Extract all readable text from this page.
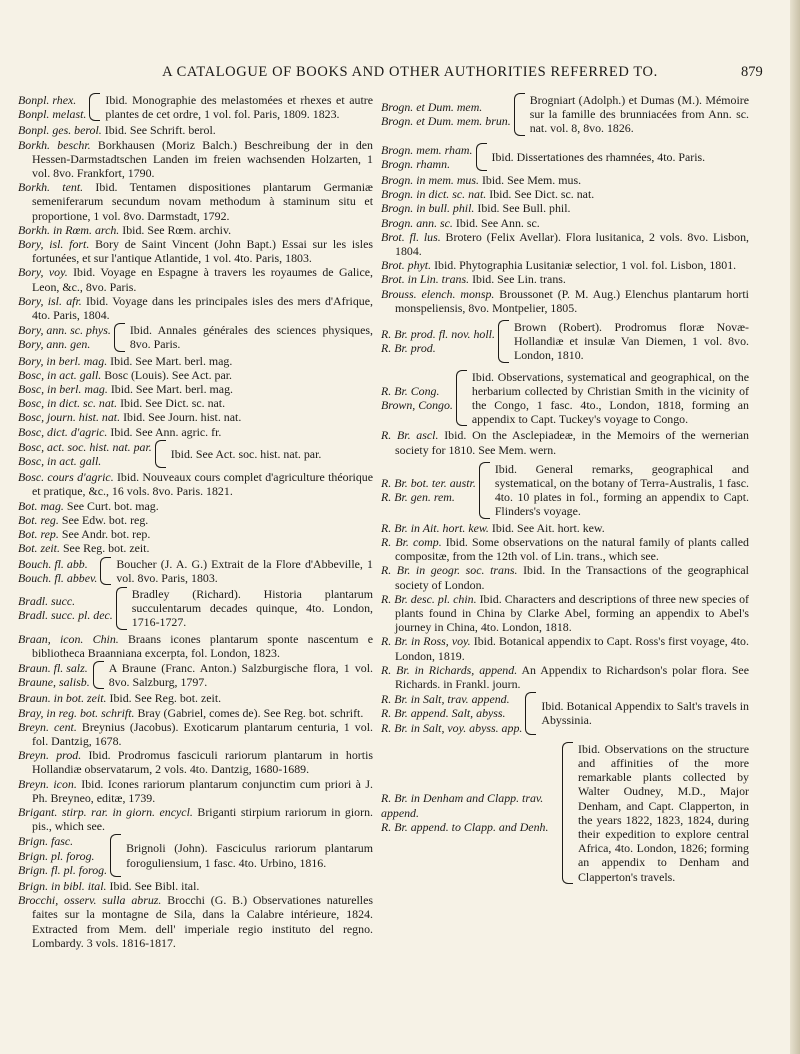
A CATALOGUE OF BOOKS AND OTHER AUTHORITIES REFERRED TO.	879
Bonpl. rhex.
Bonpl. melast.
Ibid. Monographie des melastomées et rhexes et autre plantes de cet ordre, 1 vol. fol. Paris, 1809. 1823.

Bonpl. ges. berol. Ibid. See Schrift. berol.

Borkh. beschr. Borkhausen (Moriz Balch.) Beschreibung der in den Hessen-Darmstadtschen Landen im freien wachsenden Holzarten, 1 vol. 8vo. Frankfort, 1790.

Borkh. tent. Ibid. Tentamen dispositiones plantarum Germaniæ semeniferarum secundum novam methodum à staminum situ et proportione, 1 vol. 8vo. Darmstadt, 1792.

Borkh. in Rœm. arch. Ibid. See Rœm. archiv.

Bory, isl. fort. Bory de Saint Vincent (John Bapt.) Essai sur les isles fortunées, et sur l'antique Atlantide, 1 vol. 4to. Paris, 1803.

Bory, voy. Ibid. Voyage en Espagne à travers les royaumes de Galice, Leon, &c., 8vo. Paris.

Bory, isl. afr. Ibid. Voyage dans les principales isles des mers d'Afrique, 4to. Paris, 1804.

Bory, ann. sc. phys.
Bory, ann. gen.
Ibid. Annales générales des sciences physiques, 8vo. Paris.

Bory, in berl. mag. Ibid. See Mart. berl. mag.

Bosc, in act. gall. Bosc (Louis). See Act. par.

Bosc, in berl. mag. Ibid. See Mart. berl. mag.

Bosc, in dict. sc. nat. Ibid. See Dict. sc. nat.

Bosc, journ. hist. nat. Ibid. See Journ. hist. nat.

Bosc, dict. d'agric. Ibid. See Ann. agric. fr.

Bosc, act. soc. hist. nat. par.
Bosc, in act. gall.
Ibid. See Act. soc. hist. nat. par.

Bosc. cours d'agric. Ibid. Nouveaux cours complet d'agriculture théorique et pratique, &c., 16 vols. 8vo. Paris. 1821.

Bot. mag. See Curt. bot. mag.

Bot. reg. See Edw. bot. reg.

Bot. rep. See Andr. bot. rep.

Bot. zeit. See Reg. bot. zeit.

Bouch. fl. abb.
Bouch. fl. abbev.
Boucher (J. A. G.) Extrait de la Flore d'Abbeville, 1 vol. 8vo. Paris, 1803.
Bradl. succ.
Bradl. succ. pl. dec.
Bradley (Richard). Historia plantarum succulentarum decades quinque, 4to. London, 1716-1727.

Braan, icon. Chin. Braans icones plantarum sponte nascentum e bibliotheca Braanniana excerpta, fol. London, 1823.

Braun. fl. salz.
Braune, salisb.
A Braune (Franc. Anton.) Salzburgische flora, 1 vol. 8vo. Salzburg, 1797.

Braun. in bot. zeit. Ibid. See Reg. bot. zeit.

Bray, in reg. bot. schrift. Bray (Gabriel, comes de). See Reg. bot. schrift.

Breyn. cent. Breynius (Jacobus). Exoticarum plantarum centuria, 1 vol. fol. Dantzig, 1678.

Breyn. prod. Ibid. Prodromus fasciculi rariorum plantarum in hortis Hollandiæ observatarum, 2 vols. 4to. Dantzig, 1680-1689.

Breyn. icon. Ibid. Icones rariorum plantarum conjunctim cum priori à J. Ph. Breyneo, editæ, 1739.

Brigant. stirp. rar. in giorn. encycl. Briganti stirpium rariorum in giorn. pis., which see.

Brign. fasc.
Brign. pl. forog.
Brign. fl. pl. forog.
Brignoli (John). Fasciculus rariorum plantarum foroguliensium, 1 fasc. 4to. Urbino, 1816.

Brign. in bibl. ital. Ibid. See Bibl. ital.

Brocchi, osserv. sulla abruz. Brocchi (G. B.) Observationes naturelles faites sur la montagne de Sila, dans la Calabre intérieure, 1824. Extracted from Mem. dell' imperiale regio instituto del regno. Lombardy. 3 vols. 1816-1817.

Brogn. et Dum. mem.
Brogn. et Dum. mem. brun.
Brogniart (Adolph.) et Dumas (M.). Mémoire sur la famille des brunniacées from Ann. sc. nat. vol. 8, 8vo. 1826.
Brogn. mem. rham.
Brogn. rhamn.
Ibid. Dissertationes des rhamnées, 4to. Paris.

Brogn. in mem. mus. Ibid. See Mem. mus.

Brogn. in dict. sc. nat. Ibid. See Dict. sc. nat.

Brogn. in bull. phil. Ibid. See Bull. phil.

Brogn. ann. sc. Ibid. See Ann. sc.

Brot. fl. lus. Brotero (Felix Avellar). Flora lusitanica, 2 vols. 8vo. Lisbon, 1804.

Brot. phyt. Ibid. Phytographia Lusitaniæ selectior, 1 vol. fol. Lisbon, 1801.

Brot. in Lin. trans. Ibid. See Lin. trans.

Brouss. elench. monsp. Broussonet (P. M. Aug.) Elenchus plantarum horti monspeliensis, 8vo. Montpelier, 1805.

R. Br. prod. fl. nov. holl.
R. Br. prod.
Brown (Robert). Prodromus floræ Novæ-Hollandiæ et insulæ Van Diemen, 1 vol. 8vo. London, 1810.
R. Br. Cong.
Brown, Congo.
Ibid. Observations, systematical and geographical, on the herbarium collected by Christian Smith in the vicinity of the Congo, 1 fasc. 4to., London, 1818, forming an appendix to Capt. Tuckey's voyage to Congo.

R. Br. ascl. Ibid. On the Asclepiadeæ, in the Memoirs of the wernerian society for 1810. See Mem. wern.

R. Br. bot. ter. austr.
R. Br. gen. rem.
Ibid. General remarks, geographical and systematical, on the botany of Terra-Australis, 1 fasc. 4to. 10 plates in fol., forming an appendix to Capt. Flinders's voyage.

R. Br. in Ait. hort. kew. Ibid. See Ait. hort. kew.

R. Br. comp. Ibid. Some observations on the natural family of plants called compositæ, from the 12th vol. of Lin. trans., which see.

R. Br. in geogr. soc. trans. Ibid. In the Transactions of the geographical society of London.

R. Br. desc. pl. chin. Ibid. Characters and descriptions of three new species of plants found in China by Clarke Abel, forming an appendix to Abel's journey in China, 4to. London, 1818.

R. Br. in Ross, voy. Ibid. Botanical appendix to Capt. Ross's first voyage, 4to. London, 1819.

R. Br. in Richards, append. An Appendix to Richardson's polar flora. See Richards. in Frankl. journ.

R. Br. in Salt, trav. append.
R. Br. append. Salt, abyss.
R. Br. in Salt, voy. abyss. app.
Ibid. Botanical Appendix to Salt's travels in Abyssinia.
R. Br. in Denham and Clapp. trav. append.
R. Br. append. to Clapp. and Denh.
Ibid. Observations on the structure and affinities of the more remarkable plants collected by Walter Oudney, M.D., Major Denham, and Capt. Clapperton, in the years 1822, 1823, 1824, during their expedition to explore central Africa, 4to. London, 1826; forming an appendix to Denham and Clapperton's travels.
